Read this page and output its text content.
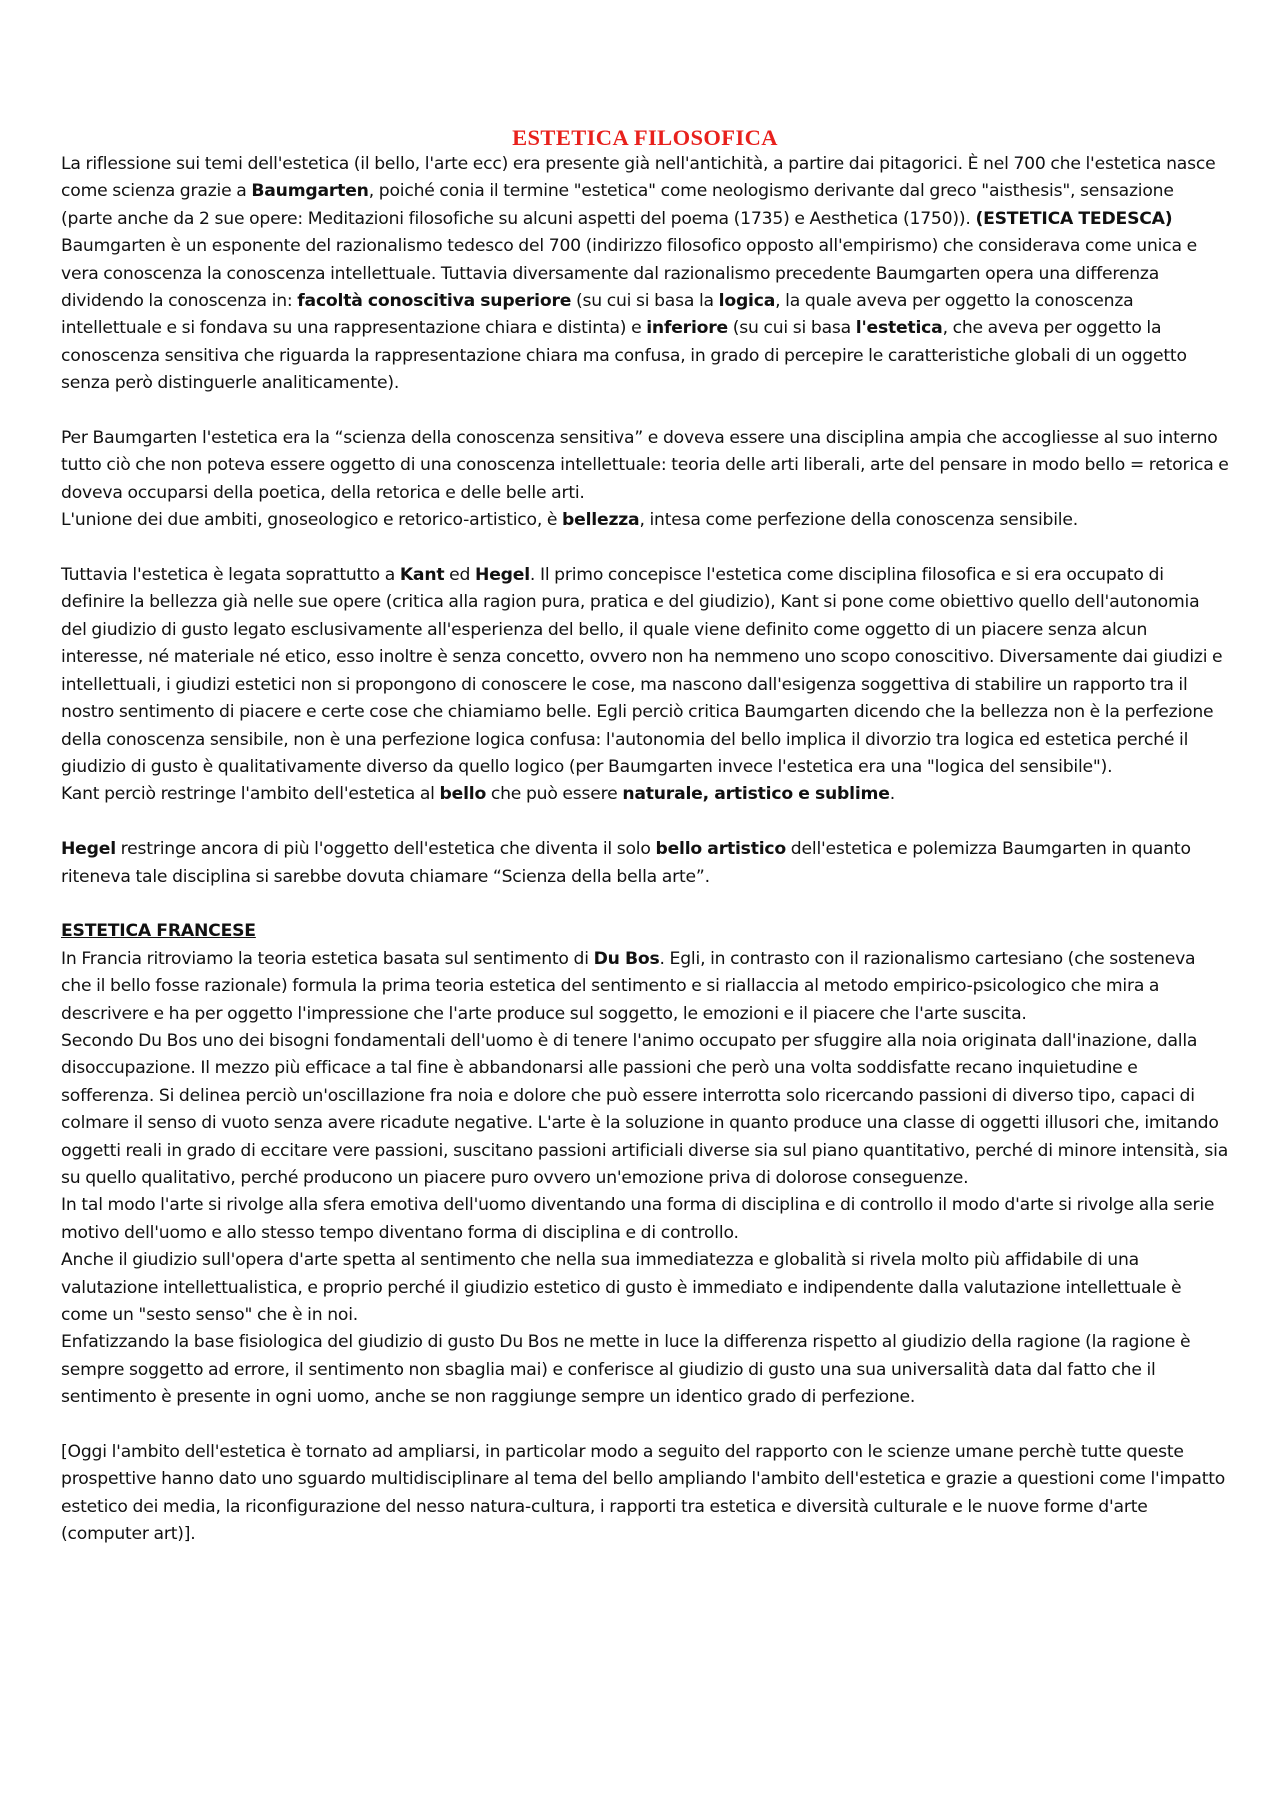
ESTETICA FILOSOFICA

La riflessione sui temi dell'estetica (il bello, l'arte ecc) era presente già nell'antichità, a partire dai pitagorici. È nel 700 che l'estetica nasce come scienza grazie a Baumgarten, poiché conia il termine "estetica" come neologismo derivante dal greco "aisthesis", sensazione (parte anche da 2 sue opere: Meditazioni filosofiche su alcuni aspetti del poema (1735) e Aesthetica (1750)). (ESTETICA TEDESCA)

Baumgarten è un esponente del razionalismo tedesco del 700 (indirizzo filosofico opposto all'empirismo) che considerava come unica e vera conoscenza la conoscenza intellettuale. Tuttavia diversamente dal razionalismo precedente Baumgarten opera una differenza dividendo la conoscenza in: facoltà conoscitiva superiore (su cui si basa la logica, la quale aveva per oggetto la conoscenza intellettuale e si fondava su una rappresentazione chiara e distinta) e inferiore (su cui si basa l'estetica, che aveva per oggetto la conoscenza sensitiva che riguarda la rappresentazione chiara ma confusa, in grado di percepire le caratteristiche globali di un oggetto senza però distinguerle analiticamente).

Per Baumgarten l'estetica era la “scienza della conoscenza sensitiva” e doveva essere una disciplina ampia che accogliesse al suo interno tutto ciò che non poteva essere oggetto di una conoscenza intellettuale: teoria delle arti liberali, arte del pensare in modo bello = retorica e doveva occuparsi della poetica, della retorica e delle belle arti.

L'unione dei due ambiti, gnoseologico e retorico-artistico, è bellezza, intesa come perfezione della conoscenza sensibile.

Tuttavia l'estetica è legata soprattutto a Kant ed Hegel. Il primo concepisce l'estetica come disciplina filosofica e si era occupato di definire la bellezza già nelle sue opere (critica alla ragion pura, pratica e del giudizio), Kant si pone come obiettivo quello dell'autonomia del giudizio di gusto legato esclusivamente all'esperienza del bello, il quale viene definito come oggetto di un piacere senza alcun interesse, né materiale né etico, esso inoltre è senza concetto, ovvero non ha nemmeno uno scopo conoscitivo. Diversamente dai giudizi e intellettuali, i giudizi estetici non si propongono di conoscere le cose, ma nascono dall'esigenza soggettiva di stabilire un rapporto tra il nostro sentimento di piacere e certe cose che chiamiamo belle. Egli perciò critica Baumgarten dicendo che la bellezza non è la perfezione della conoscenza sensibile, non è una perfezione logica confusa: l'autonomia del bello implica il divorzio tra logica ed estetica perché il giudizio di gusto è qualitativamente diverso da quello logico (per Baumgarten invece l'estetica era una "logica del sensibile").

Kant perciò restringe l'ambito dell'estetica al bello che può essere naturale, artistico e sublime.

Hegel restringe ancora di più l'oggetto dell'estetica che diventa il solo bello artistico dell'estetica e polemizza Baumgarten in quanto riteneva tale disciplina si sarebbe dovuta chiamare “Scienza della bella arte”.

ESTETICA FRANCESE

In Francia ritroviamo la teoria estetica basata sul sentimento di Du Bos. Egli, in contrasto con il razionalismo cartesiano (che sosteneva che il bello fosse razionale) formula la prima teoria estetica del sentimento e si riallaccia al metodo empirico-psicologico che mira a descrivere e ha per oggetto l'impressione che l'arte produce sul soggetto, le emozioni e il piacere che l'arte suscita.

Secondo Du Bos uno dei bisogni fondamentali dell'uomo è di tenere l'animo occupato per sfuggire alla noia originata dall'inazione, dalla disoccupazione. Il mezzo più efficace a tal fine è abbandonarsi alle passioni che però una volta soddisfatte recano inquietudine e sofferenza. Si delinea perciò un'oscillazione fra noia e dolore che può essere interrotta solo ricercando passioni di diverso tipo, capaci di colmare il senso di vuoto senza avere ricadute negative. L'arte è la soluzione in quanto produce una classe di oggetti illusori che, imitando oggetti reali in grado di eccitare vere passioni, suscitano passioni artificiali diverse sia sul piano quantitativo, perché di minore intensità, sia su quello qualitativo, perché producono un piacere puro ovvero un'emozione priva di dolorose conseguenze.

In tal modo l'arte si rivolge alla sfera emotiva dell'uomo diventando una forma di disciplina e di controllo il modo d'arte si rivolge alla serie motivo dell'uomo e allo stesso tempo diventano forma di disciplina e di controllo.

Anche il giudizio sull'opera d'arte spetta al sentimento che nella sua immediatezza e globalità si rivela molto più affidabile di una valutazione intellettualistica, e proprio perché il giudizio estetico di gusto è immediato e indipendente dalla valutazione intellettuale è come un "sesto senso" che è in noi.

Enfatizzando la base fisiologica del giudizio di gusto Du Bos ne mette in luce la differenza rispetto al giudizio della ragione (la ragione è sempre soggetto ad errore, il sentimento non sbaglia mai) e conferisce al giudizio di gusto una sua universalità data dal fatto che il sentimento è presente in ogni uomo, anche se non raggiunge sempre un identico grado di perfezione.

[Oggi l'ambito dell'estetica è tornato ad ampliarsi, in particolar modo a seguito del rapporto con le scienze umane perchè tutte queste prospettive hanno dato uno sguardo multidisciplinare al tema del bello ampliando l'ambito dell'estetica e grazie a questioni come l'impatto estetico dei media, la riconfigurazione del nesso natura-cultura, i rapporti tra estetica e diversità culturale e le nuove forme d'arte (computer art)].
